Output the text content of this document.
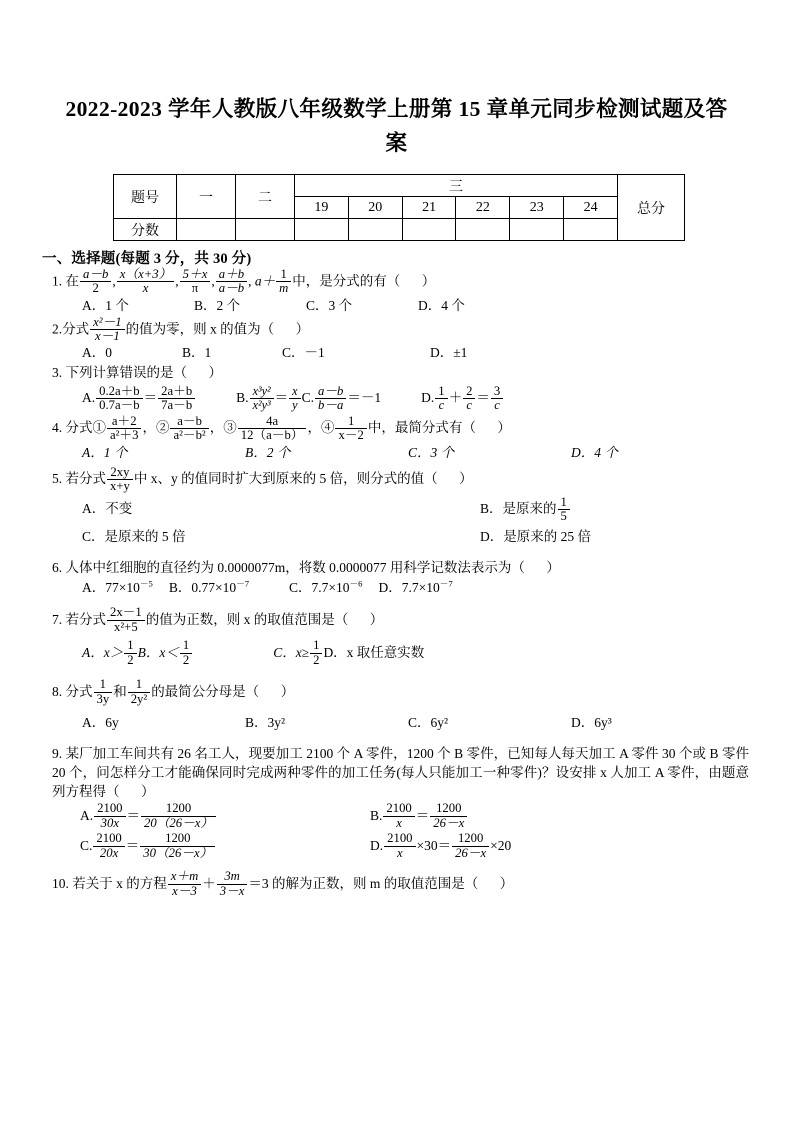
2022-2023 学年人教版八年级数学上册第 15 章单元同步检测试题及答
案
题号	一	二	三						总分
			19	20	21	22	23	24	
分数									
一、选择题(每题 3 分，共 30 分)
1. 在 $\frac{a-b}{2}$ , $\frac{x(x+3)}{x}$ , $\frac{5+x}{\pi}$ , $\frac{a+b}{a-b}$ , $a+ \frac{1}{m}$ 中，是分式的有（ ）
A．1 个	B．2 个	C．3 个	D．4 个
2.分式 $\frac{\text{x²－1}}{x-1}$ 的值为零，则 x 的值为（ ）
A．0	B．1	C．－1	D．±1
3. 下列计算错误的是（ ）
A. $\frac{0.2a+b}{0.7a-b} = \frac{2a+b}{7a-b}$	B. $\frac{\text{x³y²}}{\text{x²y³}} = \frac{x}{y} C$. $\frac{a-b}{b-a} =-1$	D. $\frac{1}{c} + \frac{2}{c} = \frac{3}{c}$
4. 分式① $\frac{a+2}{\text{a²＋3}}$ ，② $\frac{a-b}{\text{a²－b²}}$ ，③ $\frac{4a}{12(a-b)}$ ，④ $\frac{1}{x-2}$ 中，最简分式有（ ）
A．1 个	B．2 个	C．3 个	D．4 个
5. 若分式 $\frac{2xy}{x+y}$ 中 x、y 的值同时扩大到原来的 5 倍，则分式的值（ ）
A．不变	B．是原来的 $\frac{1}{5}$
C．是原来的 5 倍	D．是原来的 25 倍
6. 人体中红细胞的直径约为 0.0000077m，将数 0.0000077 用科学记数法表示为（ ）
A．$77\times 10^{-5}$ B．$0.77\times 10^{-7}$	C．$7.7\times 10^{-6}$ D．$7.7\times 10^{-7}$
7. 若分式 $\frac{2x-1}{\text{x²+5}}$ 的值为正数，则 x 的取值范围是（ ）
A．$x> \frac{1}{2}$ B．$x< \frac{1}{2}$	C．$x\ge \frac{1}{2}$ D．x 取任意实数
8. 分式 $\frac{1}{3y}$ 和 $\frac{1}{\text{2y²}}$ 的最简公分母是（ ）
A．6y	B．3y²	C．6y²	D．6y³
9. 某厂加工车间共有 26 名工人，现要加工 2100 个 A 零件，1200 个 B 零件，已知每人每天加工 A 零件 30 个或 B 零件 20 个，问怎样分工才能确保同时完成两种零件的加工任务(每人只能加工一种零件)？设安排 x 人加工 A 零件，由题意列方程得（ ）
A. $\frac{2100}{30x} = \frac{1200}{20(26-x)}$	B. $\frac{2100}{x} = \frac{1200}{26-x}$

C. $\frac{2100}{20x} = \frac{1200}{30(26-x)}$	D. $\frac{2100}{x} \times 30= \frac{1200}{26-x} \times 20$
10. 若关于 x 的方程 $\frac{x+m}{x-3} + \frac{3m}{3-x} =3$ 的解为正数，则 m 的取值范围是（ ）
